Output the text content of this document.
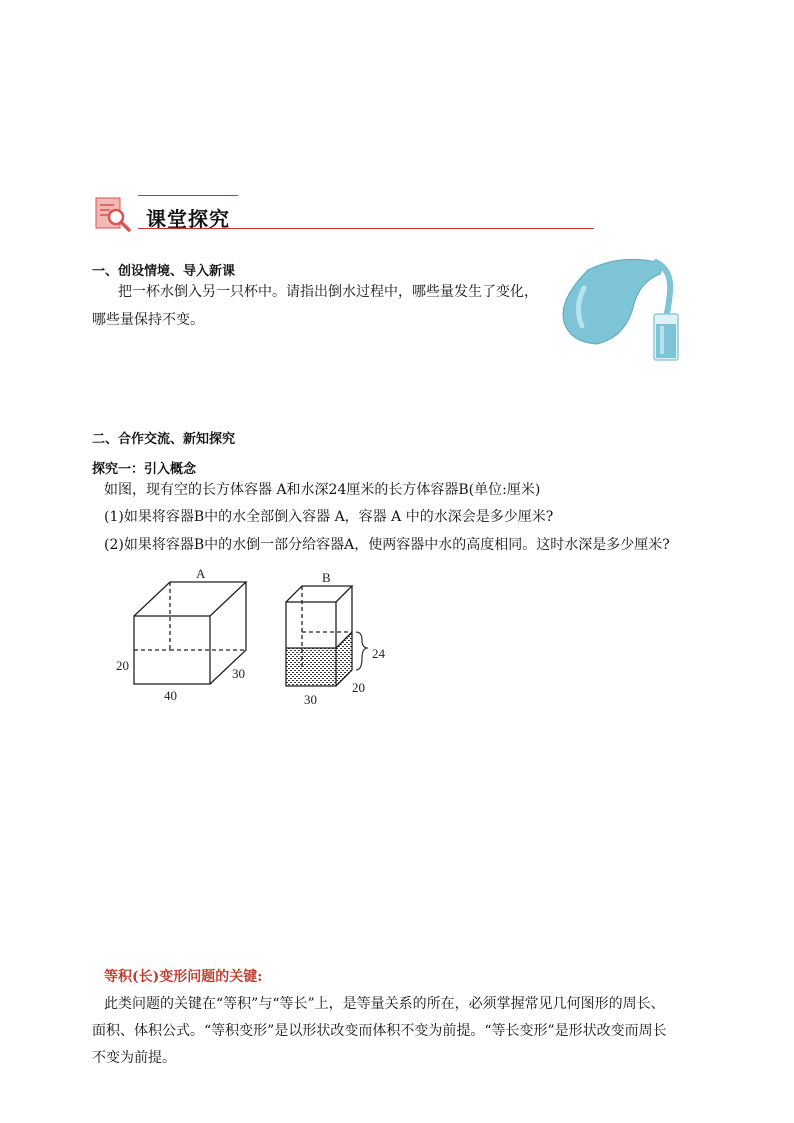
课堂探究
一、创设情境、导入新课
把一杯水倒入另一只杯中。请指出倒水过程中，哪些量发生了变化，
哪些量保持不变。
二、合作交流、新知探究
探究一：引入概念
如图，现有空的长方体容器 A和水深24厘米的长方体容器B(单位:厘米)
(1)如果将容器B中的水全部倒入容器 A，容器 A 中的水深会是多少厘米?
(2)如果将容器B中的水倒一部分给容器A，使两容器中水的高度相同。这时水深是多少厘米?
A
20
30
40
B
24
20
30
等积(长)变形问题的关键:
此类问题的关键在“等积”与“等长”上，是等量关系的所在，必须掌握常见几何图形的周长、
面积、体积公式。“等积变形”是以形状改变而体积不变为前提。“等长变形”是形状改变而周长
不变为前提。
